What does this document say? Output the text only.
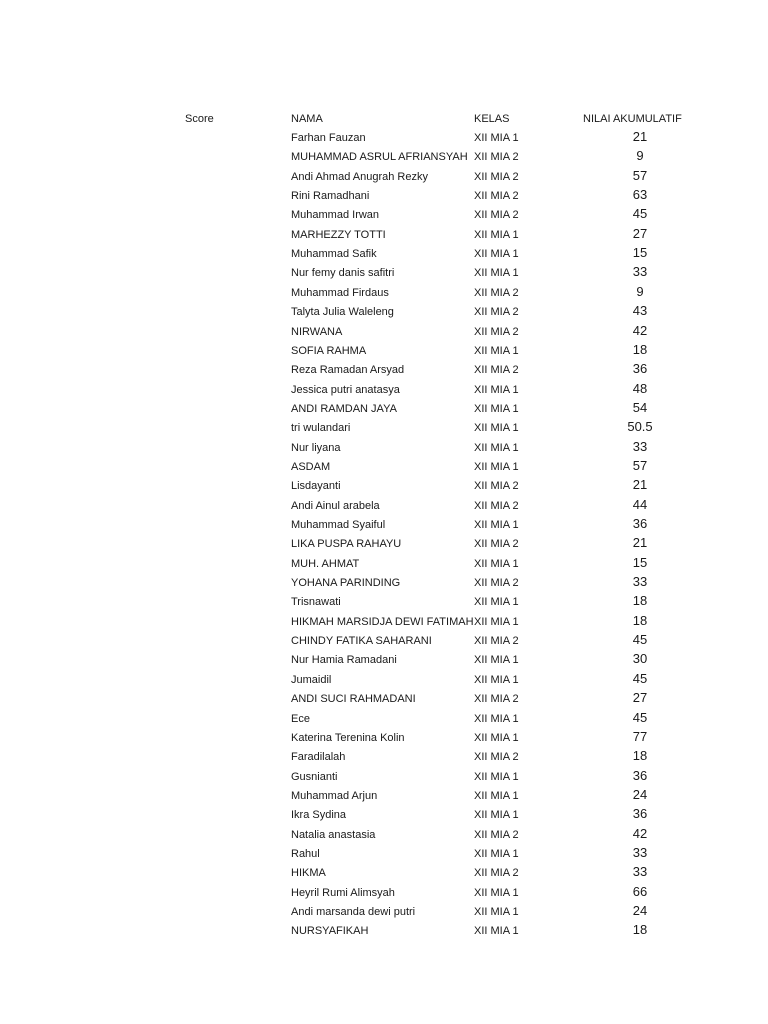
Score	NAMA	KELAS	NILAI AKUMULATIF
Farhan Fauzan	XII MIA 1	21
MUHAMMAD ASRUL AFRIANSYAH XII MIA 2	9
Andi Ahmad Anugrah Rezky	XII MIA 2	57
Rini Ramadhani	XII MIA 2	63
Muhammad Irwan	XII MIA 2	45
MARHEZZY TOTTI	XII MIA 1	27
Muhammad Safik	XII MIA 1	15
Nur femy danis safitri	XII MIA 1	33
Muhammad Firdaus	XII MIA 2	9
Talyta Julia Waleleng	XII MIA 2	43
NIRWANA	XII MIA 2	42
SOFIA RAHMA	XII MIA 1	18
Reza Ramadan Arsyad	XII MIA 2	36
Jessica putri anatasya	XII MIA 1	48
ANDI RAMDAN JAYA	XII MIA 1	54
tri wulandari	XII MIA 1	50.5
Nur liyana	XII MIA 1	33
ASDAM	XII MIA 1	57
Lisdayanti	XII MIA 2	21
Andi Ainul arabela	XII MIA 2	44
Muhammad Syaiful	XII MIA 1	36
LIKA PUSPA RAHAYU	XII MIA 2	21
MUH. AHMAT	XII MIA 1	15
YOHANA PARINDING	XII MIA 2	33
Trisnawati	XII MIA 1	18
HIKMAH MARSIDJA DEWI FATIMAH XII MIA 1	18
CHINDY FATIKA SAHARANI	XII MIA 2	45
Nur Hamia Ramadani	XII MIA 1	30
Jumaidil	XII MIA 1	45
ANDI SUCI RAHMADANI	XII MIA 2	27
Ece	XII MIA 1	45
Katerina Terenina Kolin	XII MIA 1	77
Faradilalah	XII MIA 2	18
Gusnianti	XII MIA 1	36
Muhammad Arjun	XII MIA 1	24
Ikra Sydina	XII MIA 1	36
Natalia anastasia	XII MIA 2	42
Rahul	XII MIA 1	33
HIKMA	XII MIA 2	33
Heyril Rumi Alimsyah	XII MIA 1	66
Andi marsanda dewi putri	XII MIA 1	24
NURSYAFIKAH	XII MIA 1	18
